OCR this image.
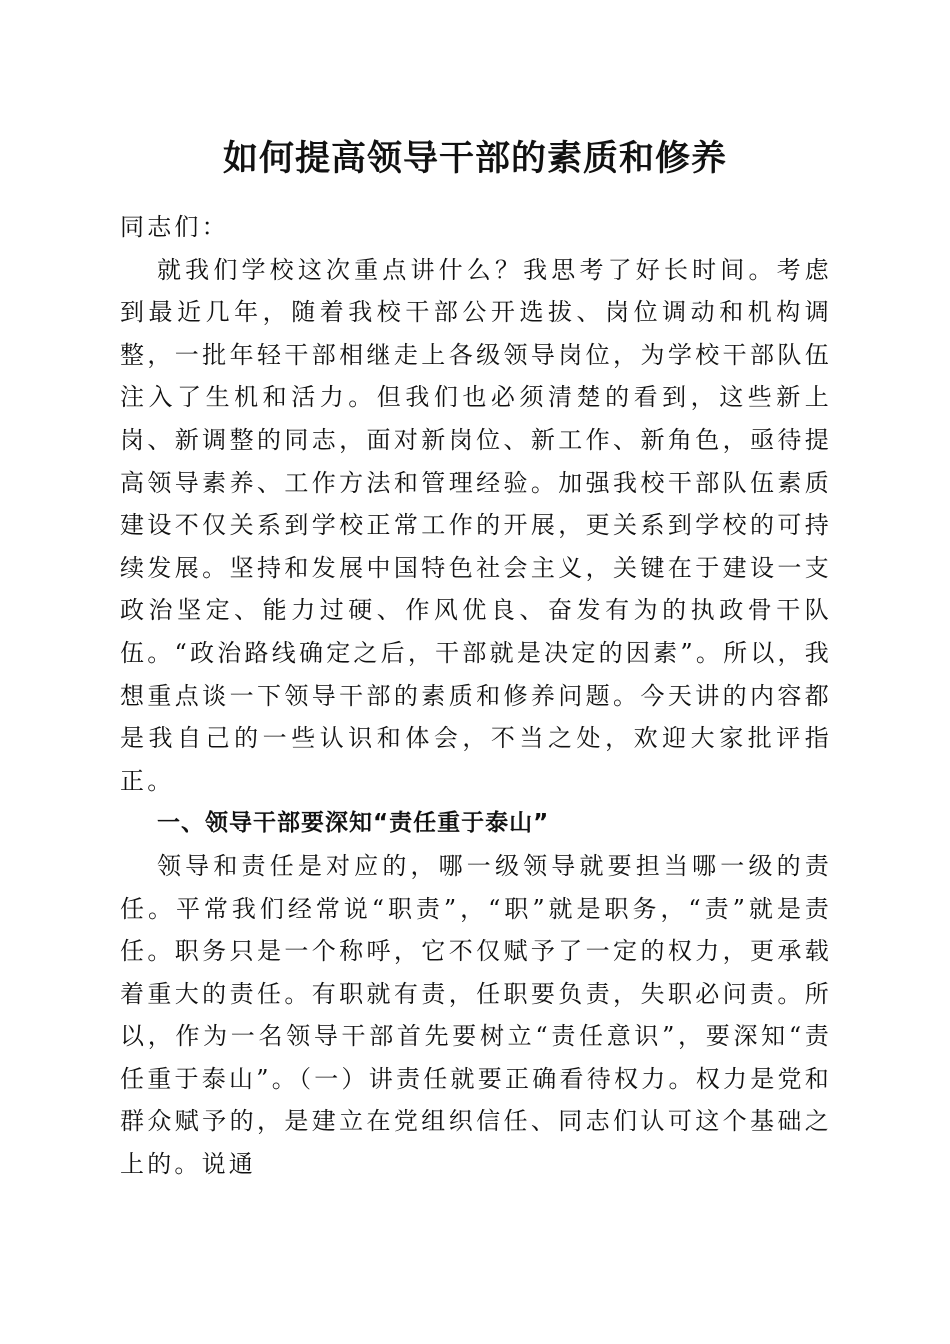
如何提高领导干部的素质和修养

同志们：

就我们学校这次重点讲什么？我思考了好长时间。考虑到最近几年，随着我校干部公开选拔、岗位调动和机构调整，一批年轻干部相继走上各级领导岗位，为学校干部队伍注入了生机和活力。但我们也必须清楚的看到，这些新上岗、新调整的同志，面对新岗位、新工作、新角色，亟待提高领导素养、工作方法和管理经验。加强我校干部队伍素质建设不仅关系到学校正常工作的开展，更关系到学校的可持续发展。坚持和发展中国特色社会主义，关键在于建设一支政治坚定、能力过硬、作风优良、奋发有为的执政骨干队伍。“政治路线确定之后，干部就是决定的因素”。所以，我想重点谈一下领导干部的素质和修养问题。今天讲的内容都是我自己的一些认识和体会，不当之处，欢迎大家批评指正。

一、领导干部要深知“责任重于泰山”

领导和责任是对应的，哪一级领导就要担当哪一级的责任。平常我们经常说“职责”，“职”就是职务，“责”就是责任。职务只是一个称呼，它不仅赋予了一定的权力，更承载着重大的责任。有职就有责，任职要负责，失职必问责。所以，作为一名领导干部首先要树立“责任意识”，要深知“责任重于泰山”。（一）讲责任就要正确看待权力。权力是党和群众赋予的，是建立在党组织信任、同志们认可这个基础之上的。说通
